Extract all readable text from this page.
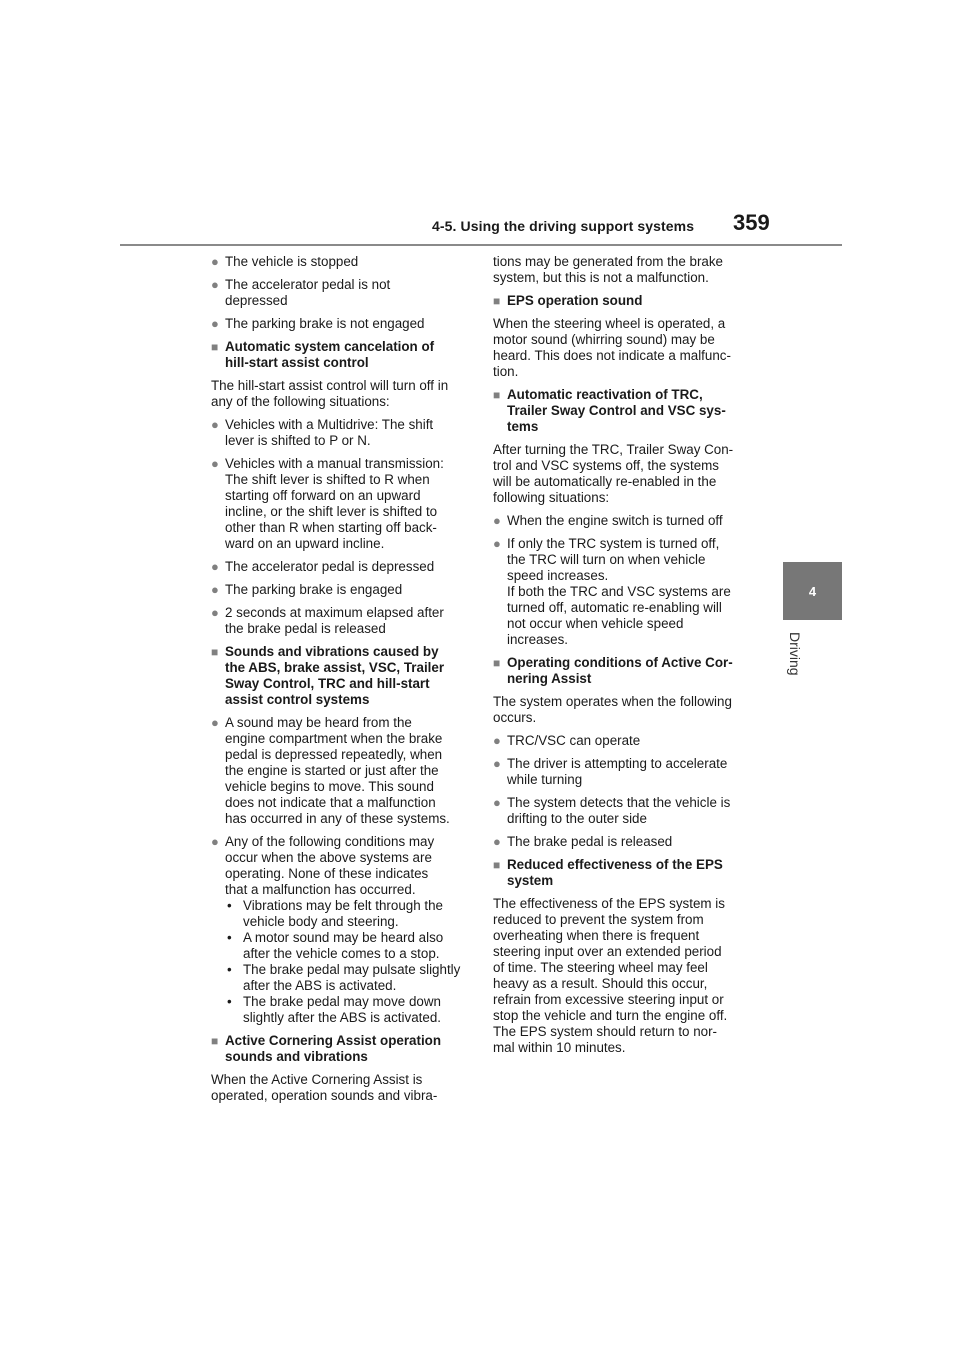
4-5. Using the driving support systems 359
4
Driving
● The vehicle is stopped
● The accelerator pedal is not
depressed
● The parking brake is not engaged
■ Automatic system cancelation of
hill-start assist control
The hill-start assist control will turn off in
any of the following situations:
● Vehicles with a Multidrive: The shift
lever is shifted to P or N.
● Vehicles with a manual transmission:
The shift lever is shifted to R when
starting off forward on an upward
incline, or the shift lever is shifted to
other than R when starting off back-
ward on an upward incline.
● The accelerator pedal is depressed
● The parking brake is engaged
● 2 seconds at maximum elapsed after
the brake pedal is released
■ Sounds and vibrations caused by
the ABS, brake assist, VSC, Trailer
Sway Control, TRC and hill-start
assist control systems
● A sound may be heard from the
engine compartment when the brake
pedal is depressed repeatedly, when
the engine is started or just after the
vehicle begins to move. This sound
does not indicate that a malfunction
has occurred in any of these systems.
● Any of the following conditions may
occur when the above systems are
operating. None of these indicates
that a malfunction has occurred.
• Vibrations may be felt through the
vehicle body and steering.
• A motor sound may be heard also
after the vehicle comes to a stop.
• The brake pedal may pulsate slightly
after the ABS is activated.
• The brake pedal may move down
slightly after the ABS is activated.
■ Active Cornering Assist operation
sounds and vibrations
When the Active Cornering Assist is
operated, operation sounds and vibra-
tions may be generated from the brake
system, but this is not a malfunction.
■ EPS operation sound
When the steering wheel is operated, a
motor sound (whirring sound) may be
heard. This does not indicate a malfunc-
tion.
■ Automatic reactivation of TRC,
Trailer Sway Control and VSC sys-
tems
After turning the TRC, Trailer Sway Con-
trol and VSC systems off, the systems
will be automatically re-enabled in the
following situations:
● When the engine switch is turned off
● If only the TRC system is turned off,
the TRC will turn on when vehicle
speed increases.
If both the TRC and VSC systems are
turned off, automatic re-enabling will
not occur when vehicle speed
increases.
■ Operating conditions of Active Cor-
nering Assist
The system operates when the following
occurs.
● TRC/VSC can operate
● The driver is attempting to accelerate
while turning
● The system detects that the vehicle is
drifting to the outer side
● The brake pedal is released
■ Reduced effectiveness of the EPS
system
The effectiveness of the EPS system is
reduced to prevent the system from
overheating when there is frequent
steering input over an extended period
of time. The steering wheel may feel
heavy as a result. Should this occur,
refrain from excessive steering input or
stop the vehicle and turn the engine off.
The EPS system should return to nor-
mal within 10 minutes.
